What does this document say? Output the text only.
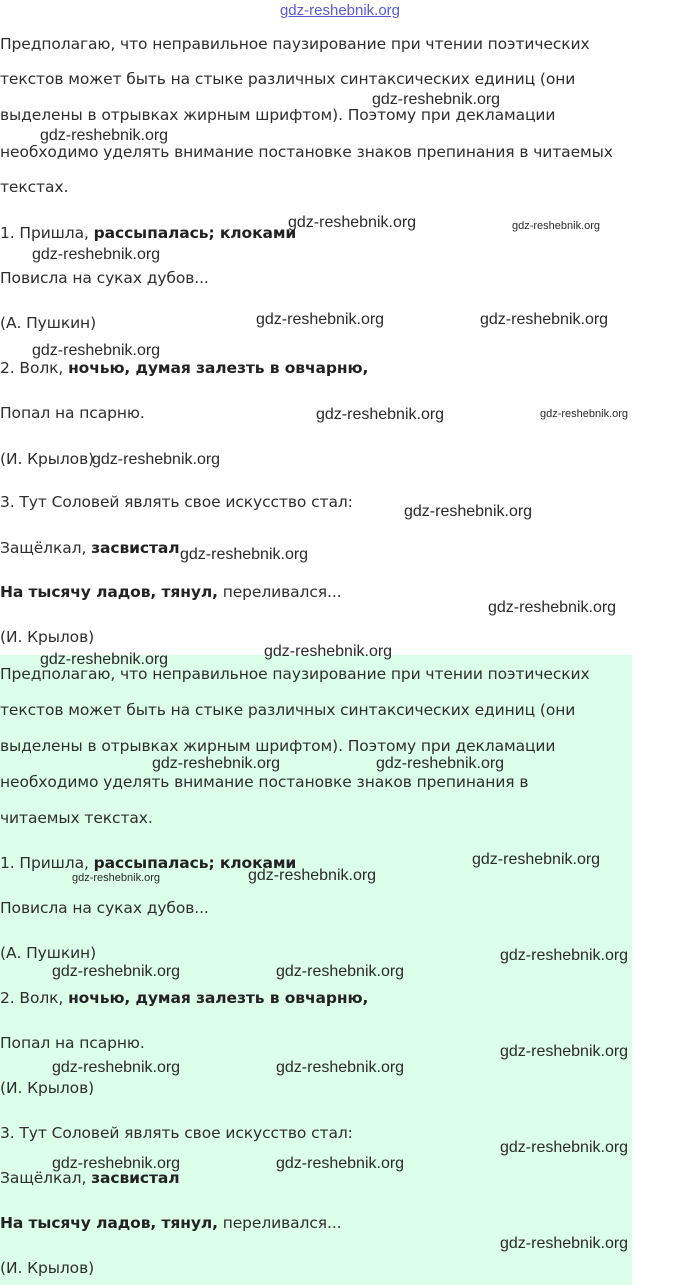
gdz-reshebnik.org
Предполагаю, что неправильное паузирование при чтении поэтических
текстов может быть на стыке различных синтаксических единиц (они
выделены в отрывках жирным шрифтом). Поэтому при декламации
необходимо уделять внимание постановке знаков препинания в читаемых
текстах.
1. Пришла, рассыпалась; клоками
Повисла на суках дубов...
(А. Пушкин)
2. Волк, ночью, думая залезть в овчарню,
Попал на псарню.
(И. Крылов)
3. Тут Соловей являть свое искусство стал:
Защёлкал, засвистал
На тысячу ладов, тянул, переливался...
(И. Крылов)
Предполагаю, что неправильное паузирование при чтении поэтических
текстов может быть на стыке различных синтаксических единиц (они
выделены в отрывках жирным шрифтом). Поэтому при декламации
необходимо уделять внимание постановке знаков препинания в
читаемых текстах.
1. Пришла, рассыпалась; клоками
Повисла на суках дубов...
(А. Пушкин)
2. Волк, ночью, думая залезть в овчарню,
Попал на псарню.
(И. Крылов)
3. Тут Соловей являть свое искусство стал:
Защёлкал, засвистал
На тысячу ладов, тянул, переливался...
(И. Крылов)
gdz-reshebnik.org
gdz-reshebnik.org
gdz-reshebnik.org	gdz-reshebnik.org
gdz-reshebnik.org
gdz-reshebnik.org	gdz-reshebnik.org
gdz-reshebnik.org
gdz-reshebnik.org	gdz-reshebnik.org
gdz-reshebnik.org
gdz-reshebnik.org
gdz-reshebnik.org
gdz-reshebnik.org
gdz-reshebnik.org
gdz-reshebnik.org
gdz-reshebnik.org	gdz-reshebnik.org
gdz-reshebnik.org
gdz-reshebnik.org	gdz-reshebnik.org
gdz-reshebnik.org
gdz-reshebnik.org	gdz-reshebnik.org
gdz-reshebnik.org
gdz-reshebnik.org	gdz-reshebnik.org
gdz-reshebnik.org
gdz-reshebnik.org	gdz-reshebnik.org
gdz-reshebnik.org
